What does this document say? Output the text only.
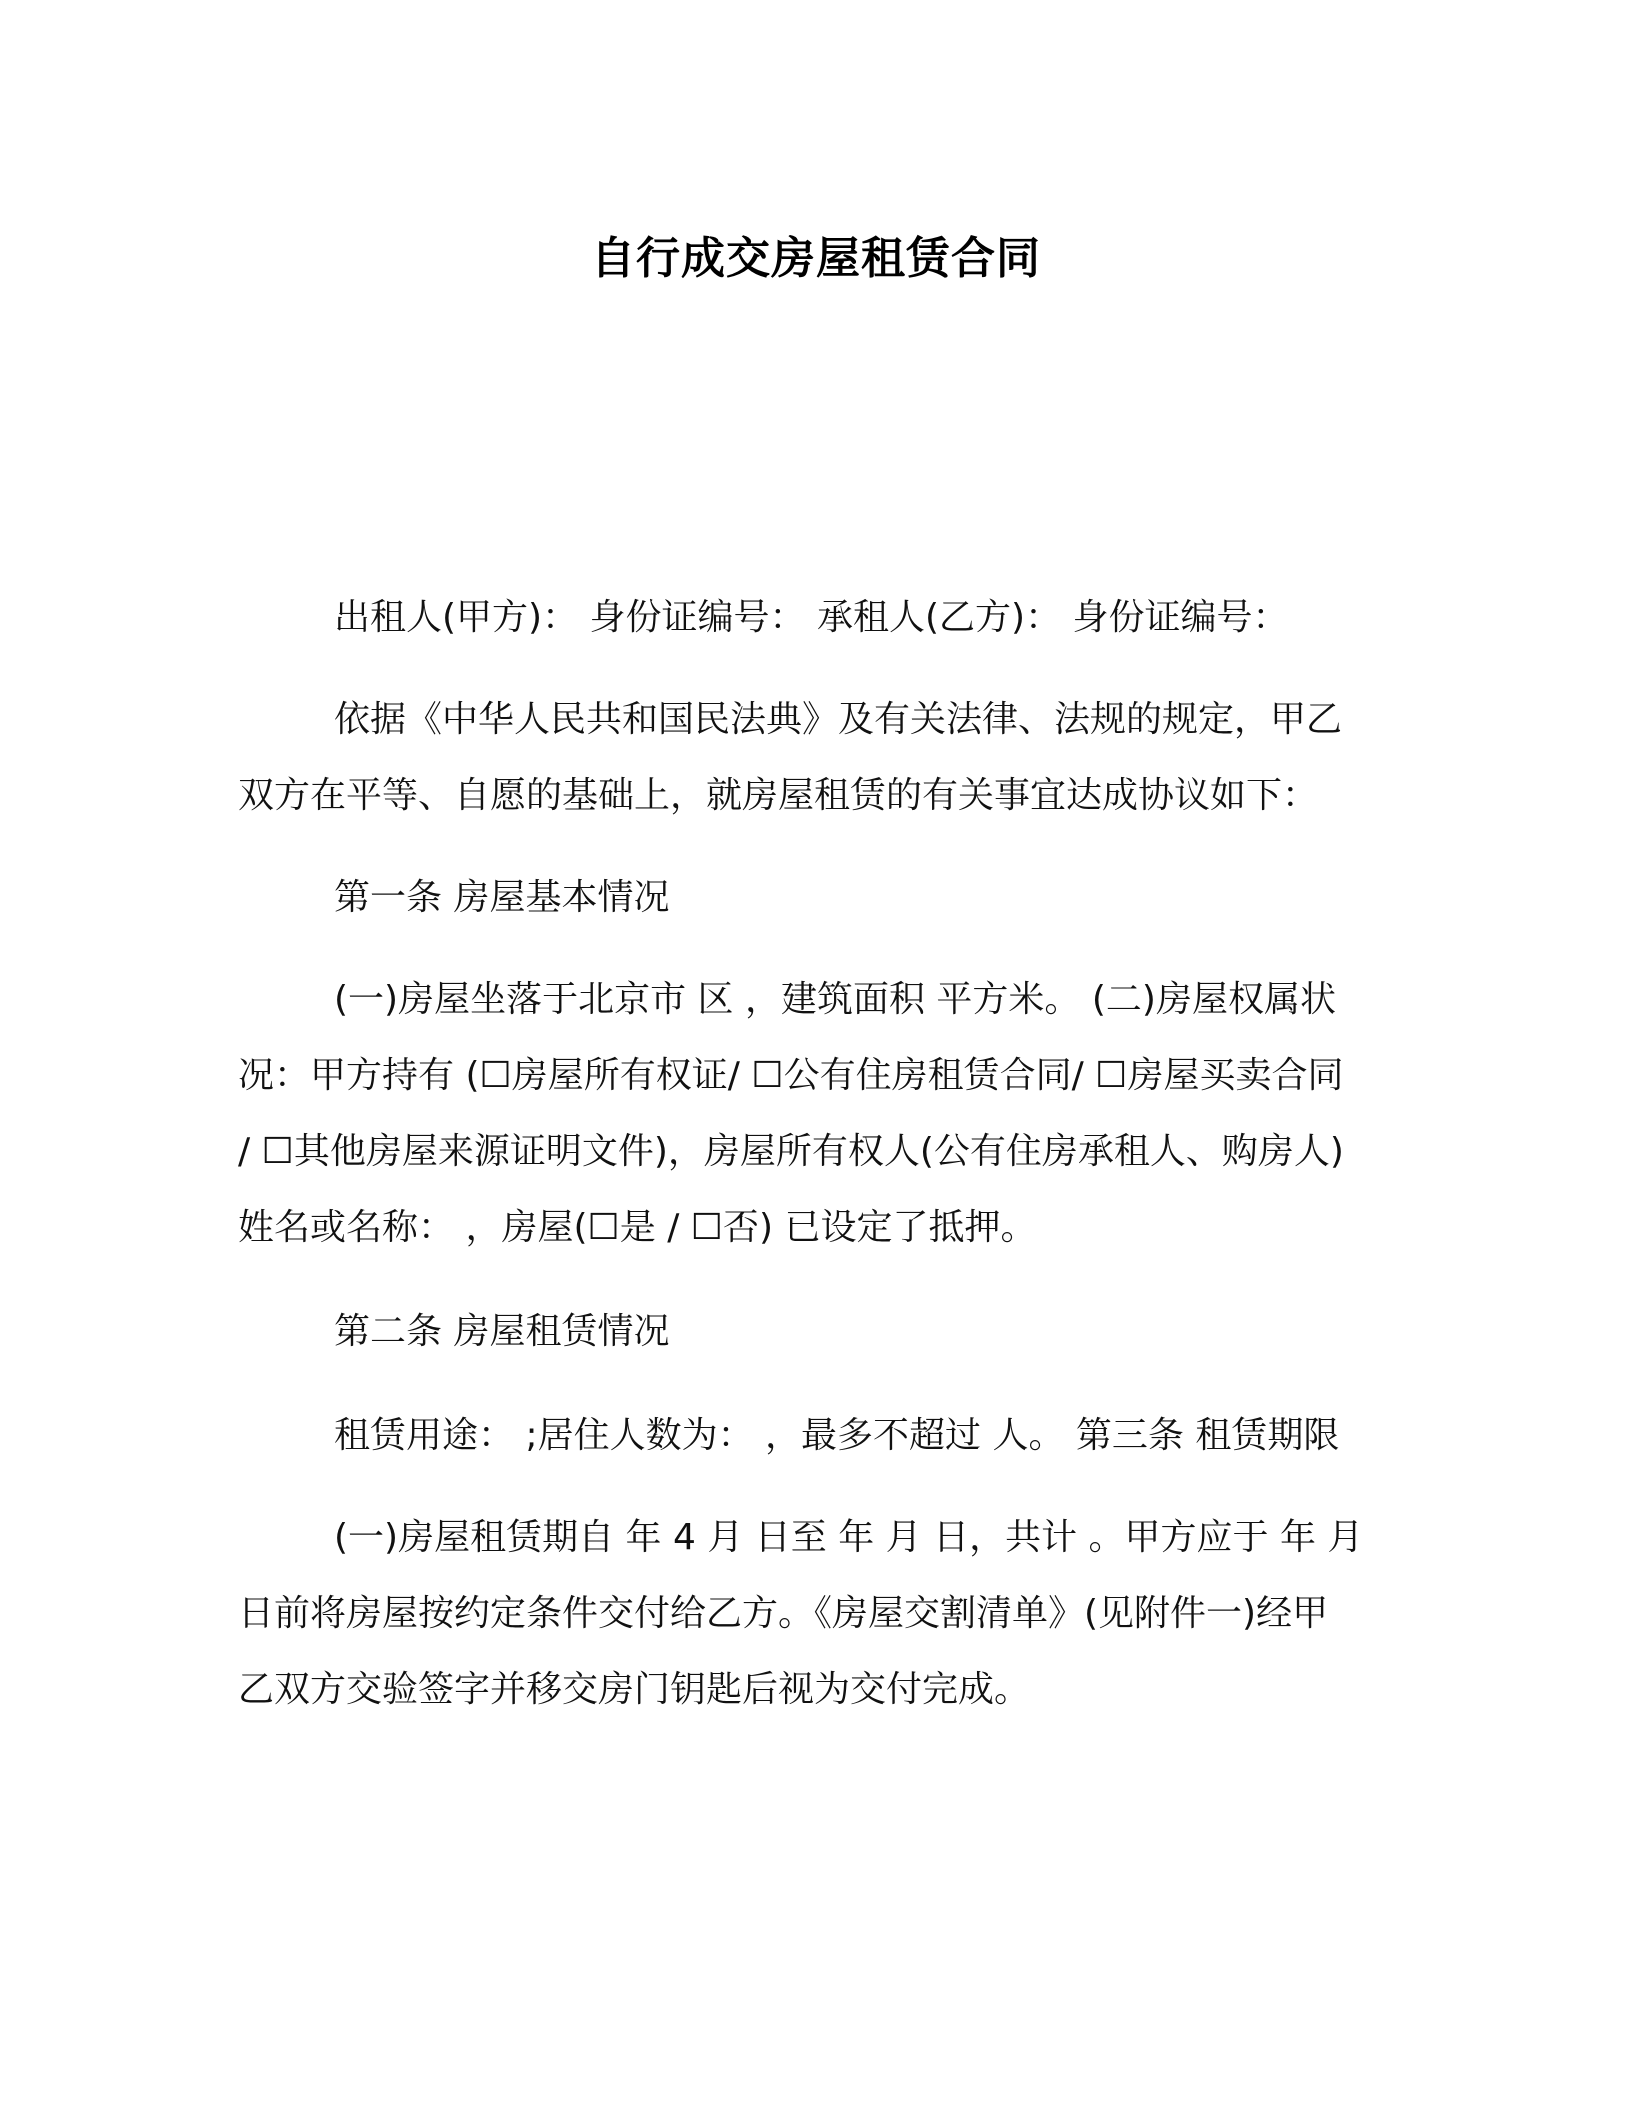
自行成交房屋租赁合同
出租人(甲方)： 身份证编号： 承租人(乙方)： 身份证编号：
依据《中华人民共和国民法典》及有关法律、法规的规定，甲乙
双方在平等、自愿的基础上，就房屋租赁的有关事宜达成协议如下：
第一条 房屋基本情况
(一)房屋坐落于北京市 区 ，建筑面积 平方米。 (二)房屋权属状
况：甲方持有 (☐房屋所有权证/ ☐公有住房租赁合同/ ☐房屋买卖合同
/ ☐其他房屋来源证明文件)，房屋所有权人(公有住房承租人、购房人)
姓名或名称： ，房屋(☐是 / ☐否) 已设定了抵押。
第二条 房屋租赁情况
租赁用途： ;居住人数为： ，最多不超过 人。 第三条 租赁期限
(一)房屋租赁期自 年 4 月 日至 年 月 日，共计 。甲方应于 年 月
日前将房屋按约定条件交付给乙方。《房屋交割清单》(见附件一)经甲
乙双方交验签字并移交房门钥匙后视为交付完成。
